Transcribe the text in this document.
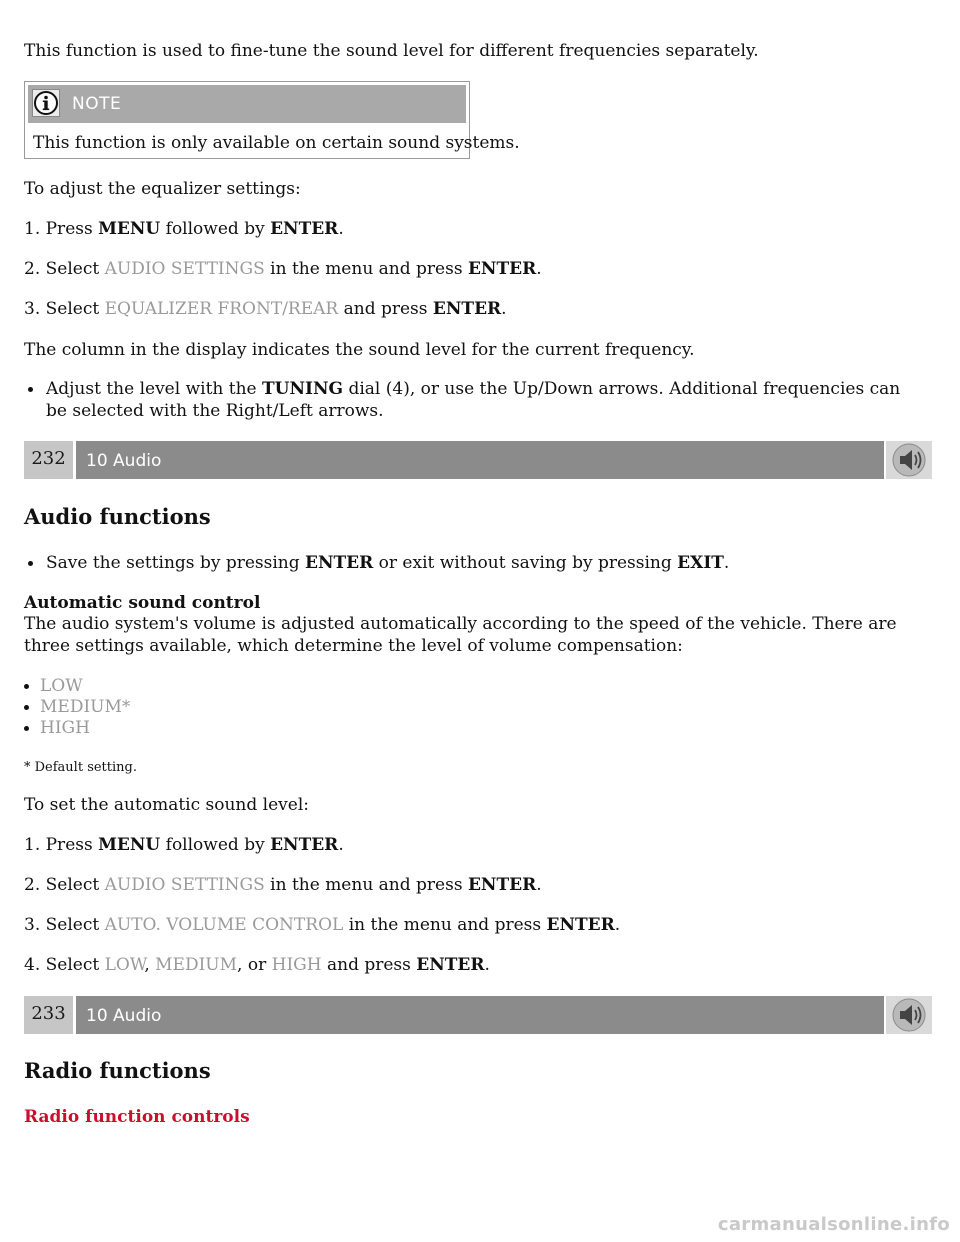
This function is used to fine-tune the sound level for different frequencies separately.

NOTE

This function is only available on certain sound systems.

To adjust the equalizer settings:

1. Press MENU followed by ENTER.

2. Select AUDIO SETTINGS in the menu and press ENTER.

3. Select EQUALIZER FRONT/REAR and press ENTER.

The column in the display indicates the sound level for the current frequency.

Adjust the level with the TUNING dial (4), or use the Up/Down arrows. Additional frequencies can be selected with the Right/Left arrows.
232	10 Audio
Audio functions
Save the settings by pressing ENTER or exit without saving by pressing EXIT.

Automatic sound control

The audio system's volume is adjusted automatically according to the speed of the vehicle. There are three settings available, which determine the level of volume compensation:

LOW
MEDIUM*
HIGH

* Default setting.

To set the automatic sound level:

1. Press MENU followed by ENTER.

2. Select AUDIO SETTINGS in the menu and press ENTER.

3. Select AUTO. VOLUME CONTROL in the menu and press ENTER.

4. Select LOW, MEDIUM, or HIGH and press ENTER.

233	10 Audio
Radio functions

Radio function controls

carmanualsonline.info
